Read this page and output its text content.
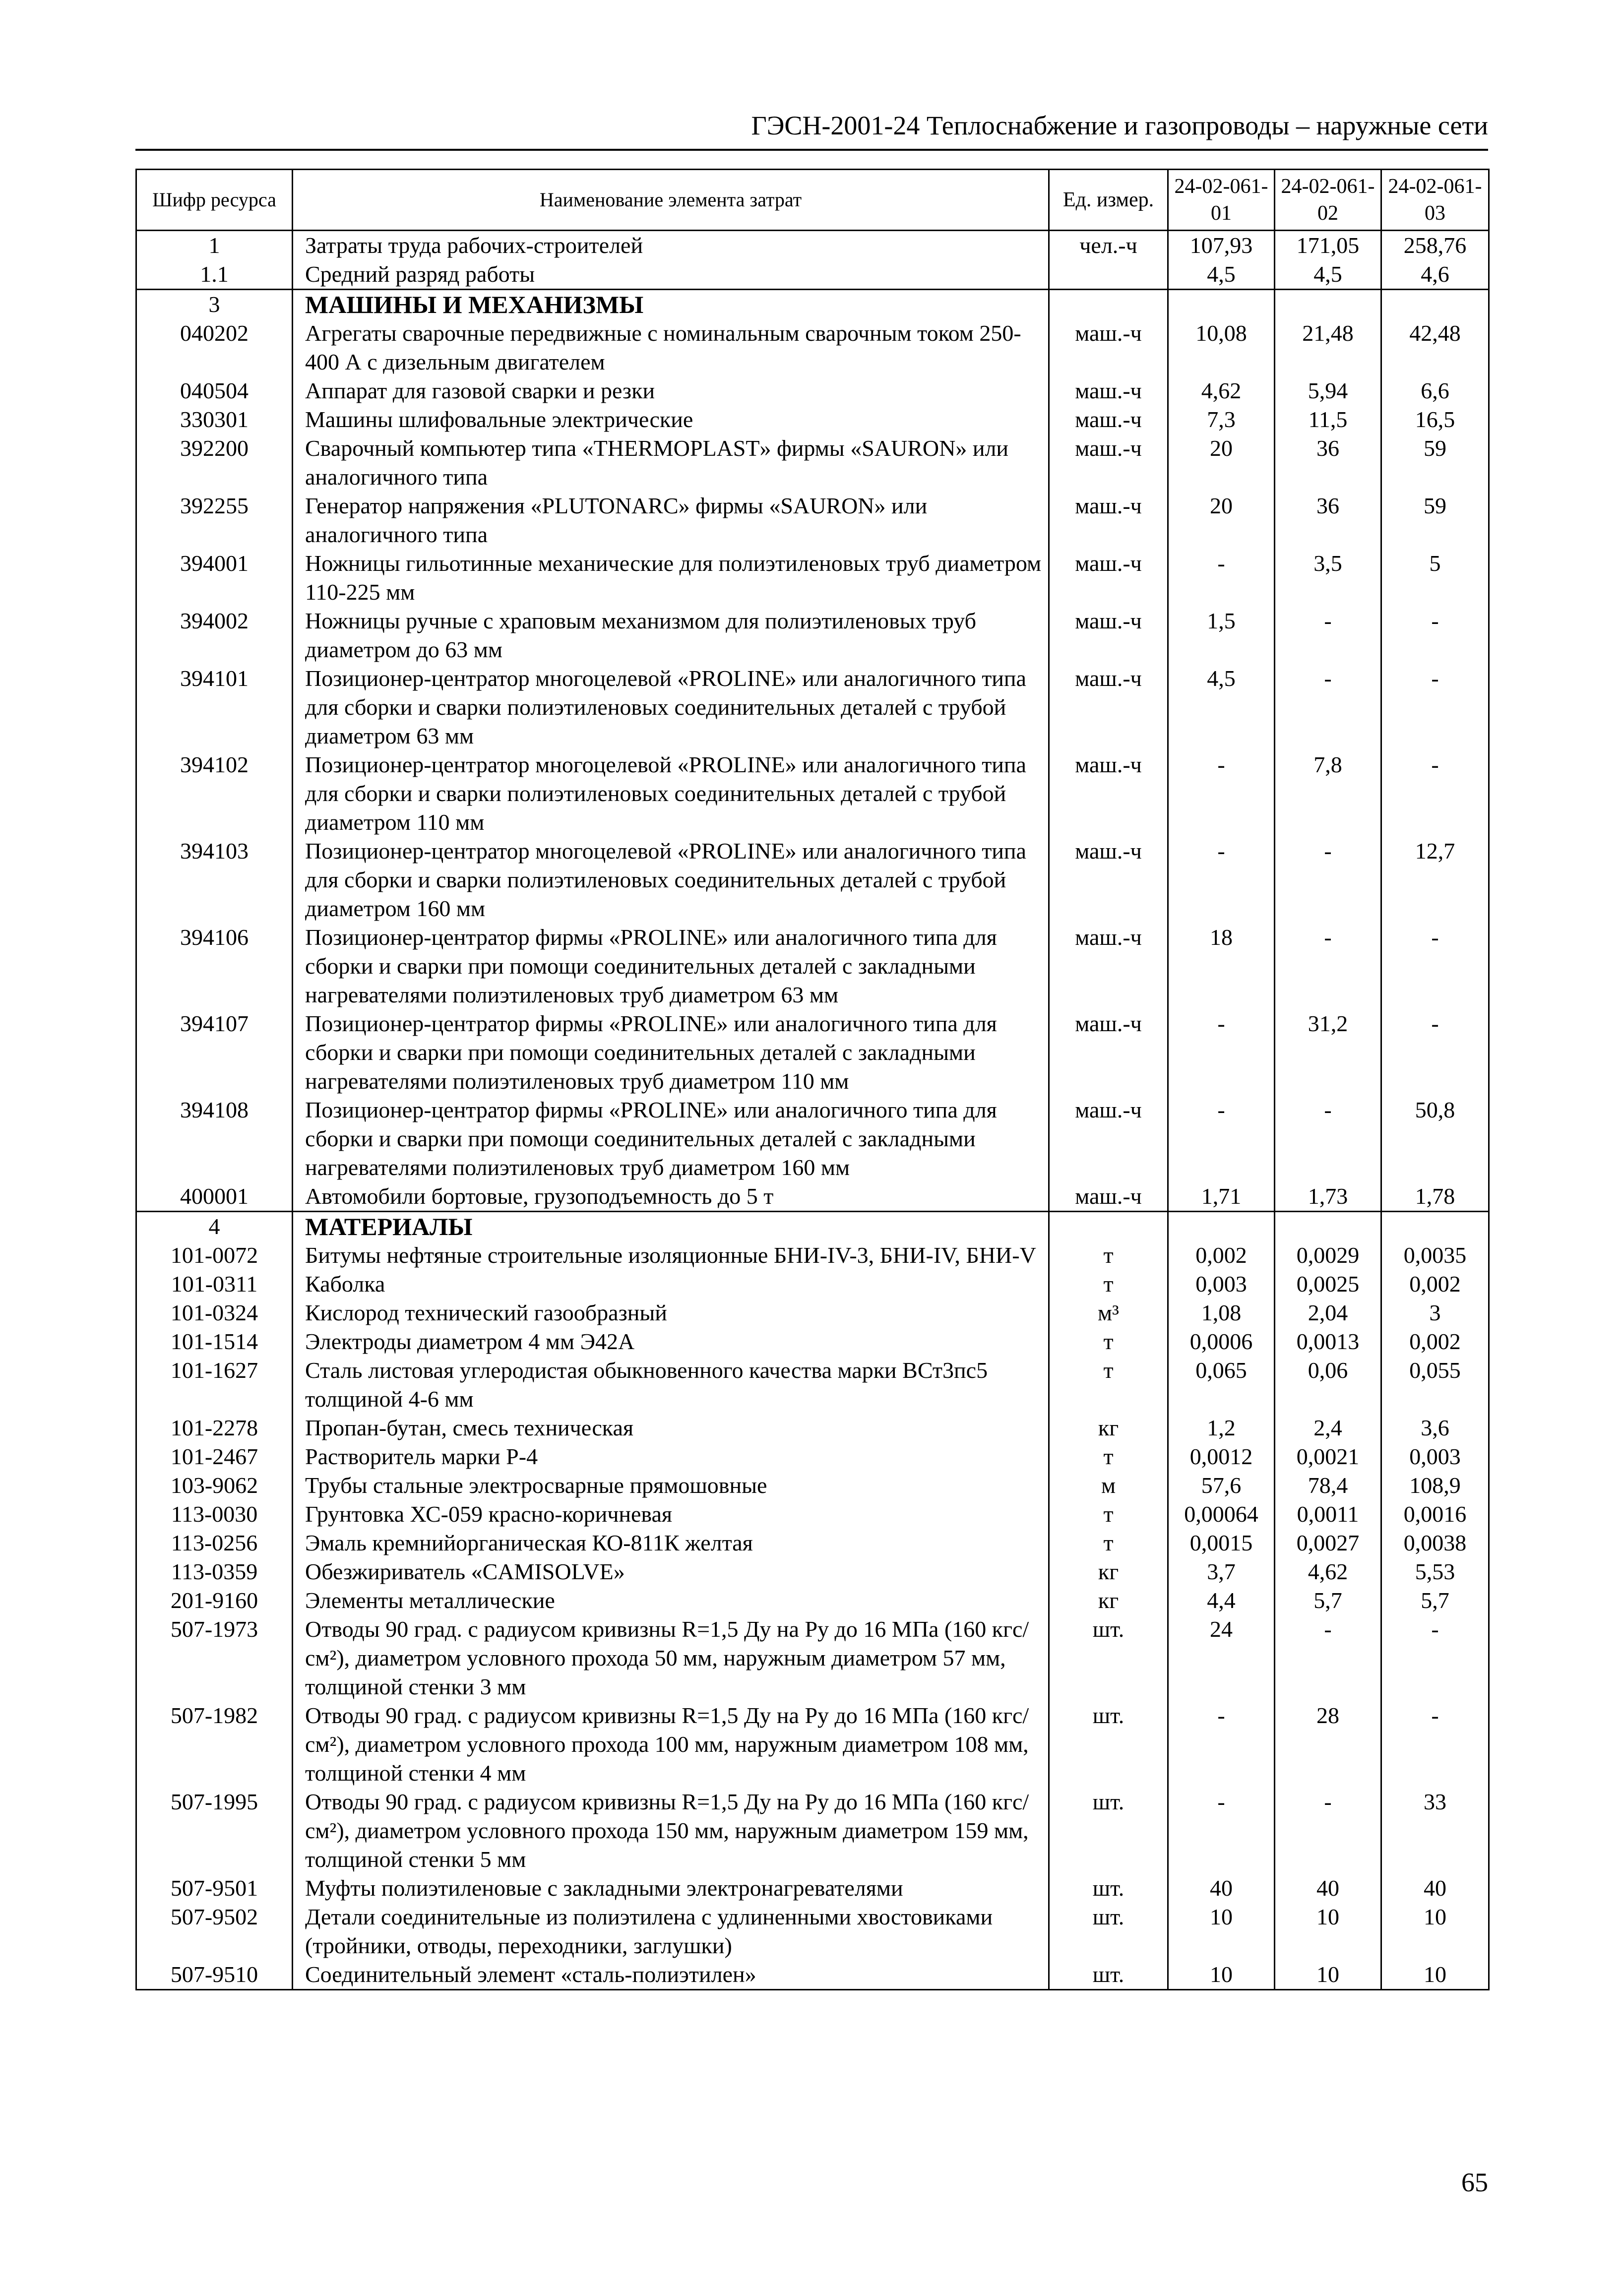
ГЭСН-2001-24 Теплоснабжение и газопроводы – наружные сети
Шифр ресурса	Наименование элемента затрат	Ед. измер.	24-02-061-01	24-02-061-02	24-02-061-03
1	Затраты труда рабочих-строителей	чел.-ч	107,93	171,05	258,76
1.1	Средний разряд работы		4,5	4,5	4,6
3	МАШИНЫ И МЕХАНИЗМЫ				
040202	Агрегаты сварочные передвижные с номинальным сварочным током 250-400 А с дизельным двигателем	маш.-ч	10,08	21,48	42,48
040504	Аппарат для газовой сварки и резки	маш.-ч	4,62	5,94	6,6
330301	Машины шлифовальные электрические	маш.-ч	7,3	11,5	16,5
392200	Сварочный компьютер типа «THERMOPLAST» фирмы «SAURON» или аналогичного типа	маш.-ч	20	36	59
392255	Генератор напряжения «PLUTONARC» фирмы «SAURON» или аналогичного типа	маш.-ч	20	36	59
394001	Ножницы гильотинные механические для полиэтиленовых труб диаметром 110-225 мм	маш.-ч	-	3,5	5
394002	Ножницы ручные с храповым механизмом для полиэтиленовых труб диаметром до 63 мм	маш.-ч	1,5	-	-
394101	Позиционер-центратор многоцелевой «PROLINE» или аналогичного типа для сборки и сварки полиэтиленовых соединительных деталей с трубой диаметром 63 мм	маш.-ч	4,5	-	-
394102	Позиционер-центратор многоцелевой «PROLINE» или аналогичного типа для сборки и сварки полиэтиленовых соединительных деталей с трубой диаметром 110 мм	маш.-ч	-	7,8	-
394103	Позиционер-центратор многоцелевой «PROLINE» или аналогичного типа для сборки и сварки полиэтиленовых соединительных деталей с трубой диаметром 160 мм	маш.-ч	-	-	12,7
394106	Позиционер-центратор фирмы «PROLINE» или аналогичного типа для сборки и сварки при помощи соединительных деталей с закладными нагревателями полиэтиленовых труб диаметром 63 мм	маш.-ч	18	-	-
394107	Позиционер-центратор фирмы «PROLINE» или аналогичного типа для сборки и сварки при помощи соединительных деталей с закладными нагревателями полиэтиленовых труб диаметром 110 мм	маш.-ч	-	31,2	-
394108	Позиционер-центратор фирмы «PROLINE» или аналогичного типа для сборки и сварки при помощи соединительных деталей с закладными нагревателями полиэтиленовых труб диаметром 160 мм	маш.-ч	-	-	50,8
400001	Автомобили бортовые, грузоподъемность до 5 т	маш.-ч	1,71	1,73	1,78
4	МАТЕРИАЛЫ				
101-0072	Битумы нефтяные строительные изоляционные БНИ-IV-3, БНИ-IV, БНИ-V	т	0,002	0,0029	0,0035
101-0311	Каболка	т	0,003	0,0025	0,002
101-0324	Кислород технический газообразный	м³	1,08	2,04	3
101-1514	Электроды диаметром 4 мм Э42А	т	0,0006	0,0013	0,002
101-1627	Сталь листовая углеродистая обыкновенного качества марки ВСт3пс5 толщиной 4-6 мм	т	0,065	0,06	0,055
101-2278	Пропан-бутан, смесь техническая	кг	1,2	2,4	3,6
101-2467	Растворитель марки Р-4	т	0,0012	0,0021	0,003
103-9062	Трубы стальные электросварные прямошовные	м	57,6	78,4	108,9
113-0030	Грунтовка ХС-059 красно-коричневая	т	0,00064	0,0011	0,0016
113-0256	Эмаль кремнийорганическая КО-811К желтая	т	0,0015	0,0027	0,0038
113-0359	Обезжириватель «CAMISOLVE»	кг	3,7	4,62	5,53
201-9160	Элементы металлические	кг	4,4	5,7	5,7
507-1973	Отводы 90 град. с радиусом кривизны R=1,5 Ду на Ру до 16 МПа (160 кгс/см²), диаметром условного прохода 50 мм, наружным диаметром 57 мм, толщиной стенки 3 мм	шт.	24	-	-
507-1982	Отводы 90 град. с радиусом кривизны R=1,5 Ду на Ру до 16 МПа (160 кгс/см²), диаметром условного прохода 100 мм, наружным диаметром 108 мм, толщиной стенки 4 мм	шт.	-	28	-
507-1995	Отводы 90 град. с радиусом кривизны R=1,5 Ду на Ру до 16 МПа (160 кгс/см²), диаметром условного прохода 150 мм, наружным диаметром 159 мм, толщиной стенки 5 мм	шт.	-	-	33
507-9501	Муфты полиэтиленовые с закладными электронагревателями	шт.	40	40	40
507-9502	Детали соединительные из полиэтилена с удлиненными хвостовиками (тройники, отводы, переходники, заглушки)	шт.	10	10	10
507-9510	Соединительный элемент «сталь-полиэтилен»	шт.	10	10	10
65
